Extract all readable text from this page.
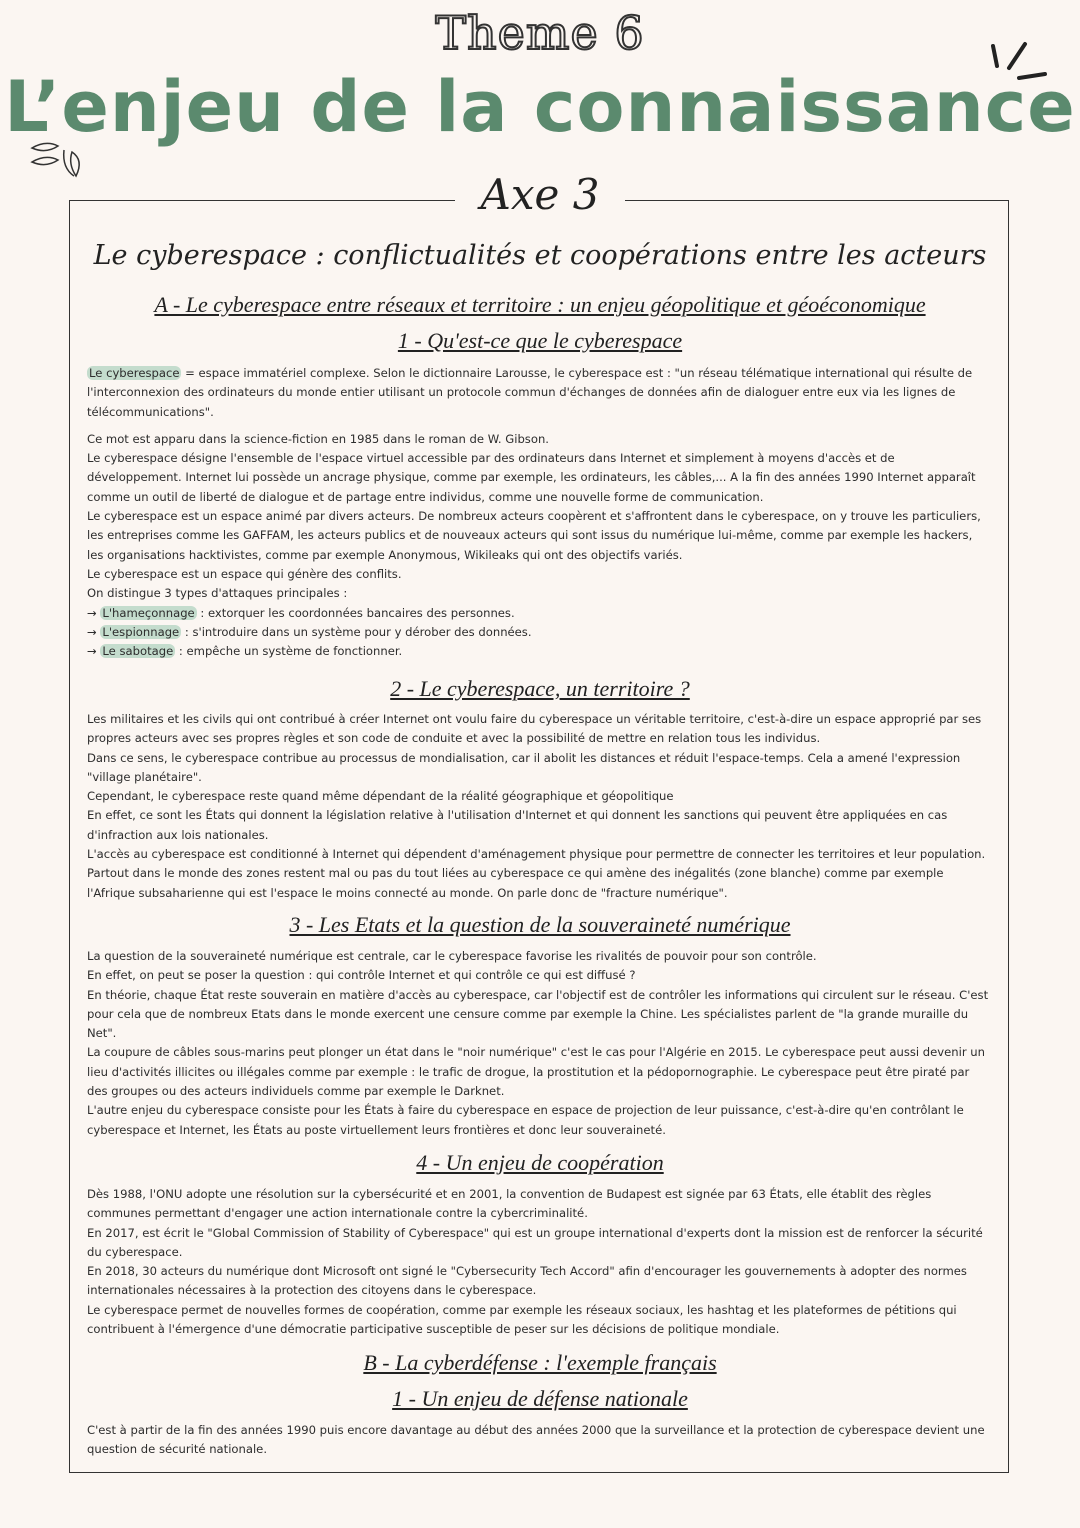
Theme 6
L’enjeu de la connaissance
Axe 3
Le cyberespace : conflictualités et coopérations entre les acteurs
A - Le cyberespace entre réseaux et territoire : un enjeu géopolitique et géoéconomique
1 - Qu'est-ce que le cyberespace

Le cyberespace = espace immatériel complexe. Selon le dictionnaire Larousse, le cyberespace est : "un réseau télématique international qui résulte de l'interconnexion des ordinateurs du monde entier utilisant un protocole commun d'échanges de données afin de dialoguer entre eux via les lignes de télécommunications".

Ce mot est apparu dans la science-fiction en 1985 dans le roman de W. Gibson.

Le cyberespace désigne l'ensemble de l'espace virtuel accessible par des ordinateurs dans Internet et simplement à moyens d'accès et de développement. Internet lui possède un ancrage physique, comme par exemple, les ordinateurs, les câbles,... A la fin des années 1990 Internet apparaît comme un outil de liberté de dialogue et de partage entre individus, comme une nouvelle forme de communication.

Le cyberespace est un espace animé par divers acteurs. De nombreux acteurs coopèrent et s'affrontent dans le cyberespace, on y trouve les particuliers, les entreprises comme les GAFFAM, les acteurs publics et de nouveaux acteurs qui sont issus du numérique lui-même, comme par exemple les hackers, les organisations hacktivistes, comme par exemple Anonymous, Wikileaks qui ont des objectifs variés.

Le cyberespace est un espace qui génère des conflits.

On distingue 3 types d'attaques principales :

→ L'hameçonnage : extorquer les coordonnées bancaires des personnes.

→ L'espionnage : s'introduire dans un système pour y dérober des données.

→ Le sabotage : empêche un système de fonctionner.

2 - Le cyberespace, un territoire ?

Les militaires et les civils qui ont contribué à créer Internet ont voulu faire du cyberespace un véritable territoire, c'est-à-dire un espace approprié par ses propres acteurs avec ses propres règles et son code de conduite et avec la possibilité de mettre en relation tous les individus.

Dans ce sens, le cyberespace contribue au processus de mondialisation, car il abolit les distances et réduit l'espace-temps. Cela a amené l'expression "village planétaire".

Cependant, le cyberespace reste quand même dépendant de la réalité géographique et géopolitique

En effet, ce sont les États qui donnent la législation relative à l'utilisation d'Internet et qui donnent les sanctions qui peuvent être appliquées en cas d'infraction aux lois nationales.

L'accès au cyberespace est conditionné à Internet qui dépendent d'aménagement physique pour permettre de connecter les territoires et leur population. Partout dans le monde des zones restent mal ou pas du tout liées au cyberespace ce qui amène des inégalités (zone blanche) comme par exemple l'Afrique subsaharienne qui est l'espace le moins connecté au monde. On parle donc de "fracture numérique".

3 - Les Etats et la question de la souveraineté numérique

La question de la souveraineté numérique est centrale, car le cyberespace favorise les rivalités de pouvoir pour son contrôle.

En effet, on peut se poser la question : qui contrôle Internet et qui contrôle ce qui est diffusé ?

En théorie, chaque État reste souverain en matière d'accès au cyberespace, car l'objectif est de contrôler les informations qui circulent sur le réseau. C'est pour cela que de nombreux Etats dans le monde exercent une censure comme par exemple la Chine. Les spécialistes parlent de "la grande muraille du Net".

La coupure de câbles sous-marins peut plonger un état dans le "noir numérique" c'est le cas pour l'Algérie en 2015. Le cyberespace peut aussi devenir un lieu d'activités illicites ou illégales comme par exemple : le trafic de drogue, la prostitution et la pédopornographie. Le cyberespace peut être piraté par des groupes ou des acteurs individuels comme par exemple le Darknet.

L'autre enjeu du cyberespace consiste pour les États à faire du cyberespace en espace de projection de leur puissance, c'est-à-dire qu'en contrôlant le cyberespace et Internet, les États au poste virtuellement leurs frontières et donc leur souveraineté.

4 - Un enjeu de coopération

Dès 1988, l'ONU adopte une résolution sur la cybersécurité et en 2001, la convention de Budapest est signée par 63 États, elle établit des règles communes permettant d'engager une action internationale contre la cybercriminalité.

En 2017, est écrit le "Global Commission of Stability of Cyberespace" qui est un groupe international d'experts dont la mission est de renforcer la sécurité du cyberespace.

En 2018, 30 acteurs du numérique dont Microsoft ont signé le "Cybersecurity Tech Accord" afin d'encourager les gouvernements à adopter des normes internationales nécessaires à la protection des citoyens dans le cyberespace.

Le cyberespace permet de nouvelles formes de coopération, comme par exemple les réseaux sociaux, les hashtag et les plateformes de pétitions qui contribuent à l'émergence d'une démocratie participative susceptible de peser sur les décisions de politique mondiale.

B - La cyberdéfense : l'exemple français
1 - Un enjeu de défense nationale

C'est à partir de la fin des années 1990 puis encore davantage au début des années 2000 que la surveillance et la protection de cyberespace devient une question de sécurité nationale.
